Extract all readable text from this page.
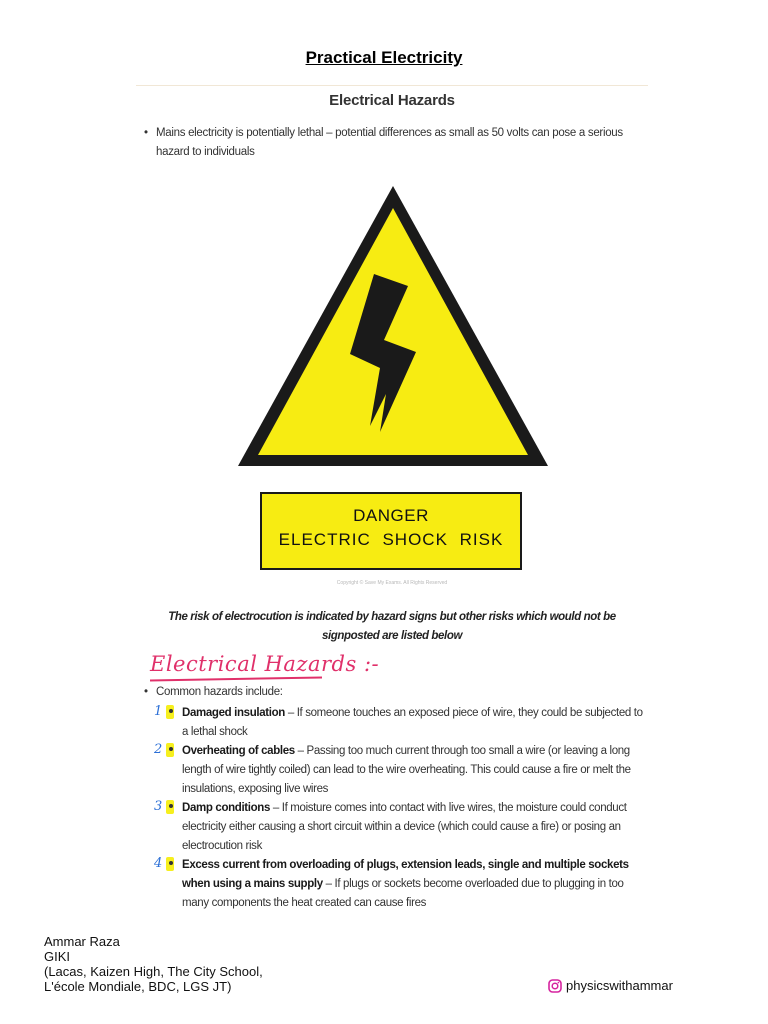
Practical Electricity
Electrical Hazards
• Mains electricity is potentially lethal – potential differences as small as 50 volts can pose a serious hazard to individuals
DANGER
ELECTRIC SHOCK RISK
Copyright © Save My Exams. All Rights Reserved
The risk of electrocution is indicated by hazard signs but other risks which would not be signposted are listed below
Electrical Hazards :-
• Common hazards include:
1	Damaged insulation – If someone touches an exposed piece of wire, they could be subjected to a lethal shock
2	Overheating of cables – Passing too much current through too small a wire (or leaving a long length of wire tightly coiled) can lead to the wire overheating. This could cause a fire or melt the insulations, exposing live wires
3	Damp conditions – If moisture comes into contact with live wires, the moisture could conduct electricity either causing a short circuit within a device (which could cause a fire) or posing an electrocution risk
4	Excess current from overloading of plugs, extension leads, single and multiple sockets when using a mains supply – If plugs or sockets become overloaded due to plugging in too many components the heat created can cause fires
Ammar Raza
GIKI
(Lacas, Kaizen High, The City School,
L'école Mondiale, BDC, LGS JT)	physicswithammar
